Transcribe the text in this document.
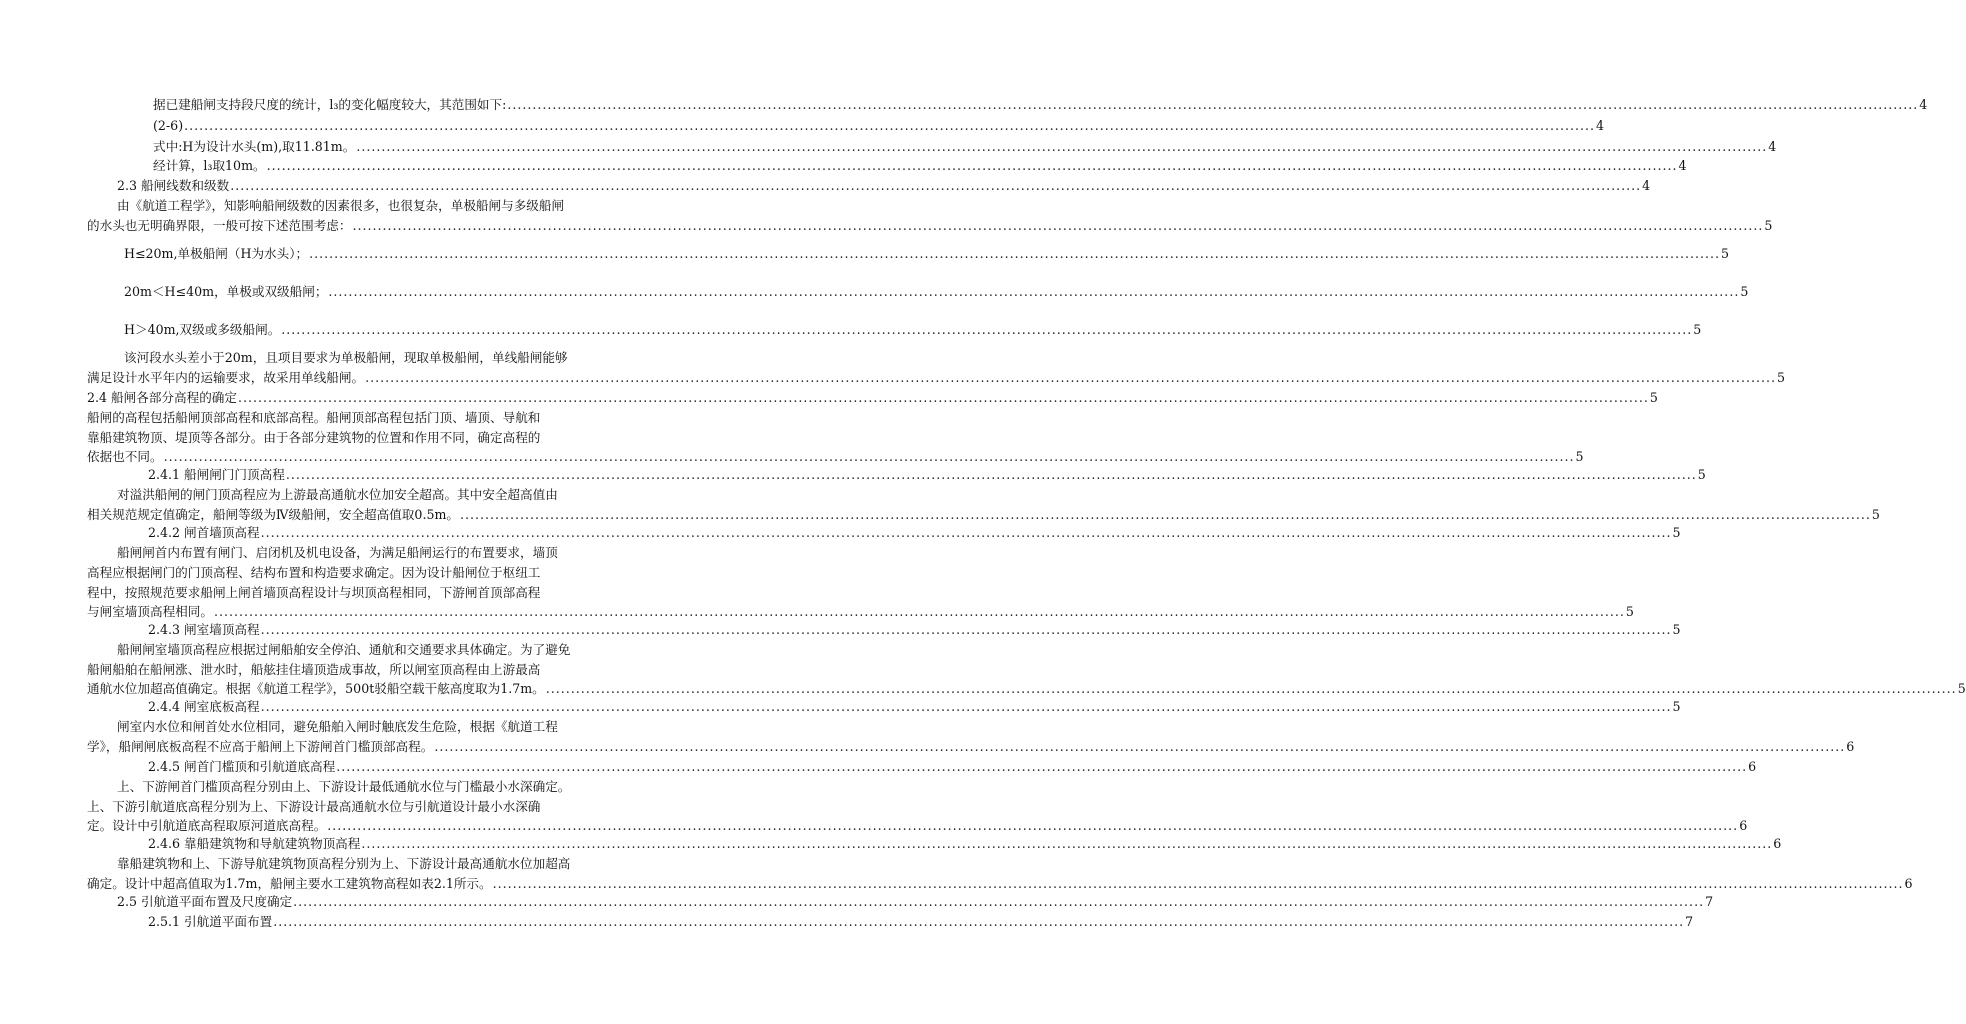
据已建船闸支持段尺度的统计，l₃的变化幅度较大，其范围如下: .....	4
(2-6) .....	4
式中:H为设计水头(m),取11.81m。 .....	4
经计算，l₃取10m。 .....	4
2.3 船闸线数和级数 .....	4
由《航道工程学》，知影响船闸级数的因素很多，也很复杂，单极船闸与多级船闸
的水头也无明确界限，一般可按下述范围考虑： .....	5
H≤20m,单极船闸（H为水头）； .....	5
20m＜H≤40m，单极或双级船闸； .....	5
H＞40m,双级或多级船闸。 .....	5
该河段水头差小于20m，且项目要求为单极船闸，现取单极船闸，单线船闸能够
满足设计水平年内的运输要求，故采用单线船闸。 .....	5
2.4 船闸各部分高程的确定 .....	5
船闸的高程包括船闸顶部高程和底部高程。船闸顶部高程包括门顶、墙顶、导航和
靠船建筑物顶、堤顶等各部分。由于各部分建筑物的位置和作用不同，确定高程的
依据也不同。 .....	5
2.4.1 船闸闸门门顶高程 .....	5
对溢洪船闸的闸门顶高程应为上游最高通航水位加安全超高。其中安全超高值由
相关规范规定值确定，船闸等级为Ⅳ级船闸，安全超高值取0.5m。 .....	5
2.4.2 闸首墙顶高程 .....	5
船闸闸首内布置有闸门、启闭机及机电设备，为满足船闸运行的布置要求，墙顶
高程应根据闸门的门顶高程、结构布置和构造要求确定。因为设计船闸位于枢纽工
程中，按照规范要求船闸上闸首墙顶高程设计与坝顶高程相同，下游闸首顶部高程
与闸室墙顶高程相同。 .....	5
2.4.3 闸室墙顶高程 .....	5
船闸闸室墙顶高程应根据过闸船舶安全停泊、通航和交通要求具体确定。为了避免
船闸船舶在船闸涨、泄水时，船舷挂住墙顶造成事故，所以闸室顶高程由上游最高
通航水位加超高值确定。根据《航道工程学》，500t驳船空载干舷高度取为1.7m。 .....	5
2.4.4 闸室底板高程 .....	5
闸室内水位和闸首处水位相同，避免船舶入闸时触底发生危险，根据《航道工程
学》，船闸闸底板高程不应高于船闸上下游闸首门槛顶部高程。 .....	6
2.4.5 闸首门槛顶和引航道底高程 .....	6
上、下游闸首门槛顶高程分别由上、下游设计最低通航水位与门槛最小水深确定。
上、下游引航道底高程分别为上、下游设计最高通航水位与引航道设计最小水深确
定。设计中引航道底高程取原河道底高程。 .....	6
2.4.6 靠船建筑物和导航建筑物顶高程 .....	6
靠船建筑物和上、下游导航建筑物顶高程分别为上、下游设计最高通航水位加超高
确定。设计中超高值取为1.7m，船闸主要水工建筑物高程如表2.1所示。 .....	6
2.5 引航道平面布置及尺度确定 .....	7
2.5.1 引航道平面布置 .....	7
